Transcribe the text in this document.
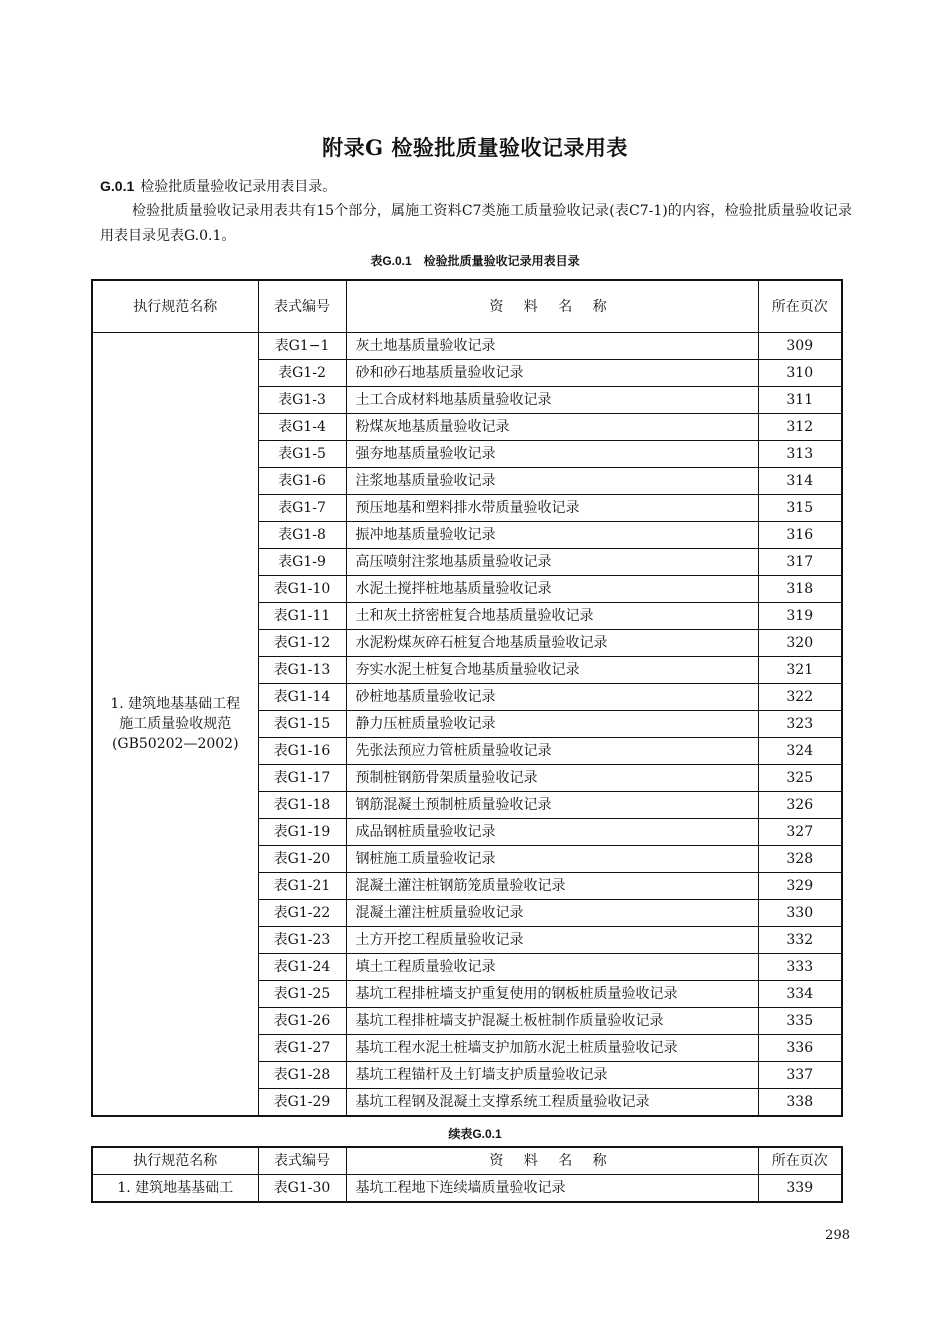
附录G 检验批质量验收记录用表
G.0.1 检验批质量验收记录用表目录。
检验批质量验收记录用表共有15个部分，属施工资料C7类施工质量验收记录(表C7-1)的内容，检验批质量验收记录用表目录见表G.0.1。
表G.0.1　检验批质量验收记录用表目录
执行规范名称	表式编号	资 料 名 称	所在页次

1. 建筑地基基础工程
施工质量验收规范
(GB50202—2002)	表G1−1	灰土地基质量验收记录	309
	表G1-2	砂和砂石地基质量验收记录	310
	表G1-3	土工合成材料地基质量验收记录	311
	表G1-4	粉煤灰地基质量验收记录	312
	表G1-5	强夯地基质量验收记录	313
	表G1-6	注浆地基质量验收记录	314
	表G1-7	预压地基和塑料排水带质量验收记录	315
	表G1-8	振冲地基质量验收记录	316
	表G1-9	高压喷射注浆地基质量验收记录	317
	表G1-10	水泥土搅拌桩地基质量验收记录	318
	表G1-11	土和灰土挤密桩复合地基质量验收记录	319
	表G1-12	水泥粉煤灰碎石桩复合地基质量验收记录	320
	表G1-13	夯实水泥土桩复合地基质量验收记录	321
	表G1-14	砂桩地基质量验收记录	322
	表G1-15	静力压桩质量验收记录	323
	表G1-16	先张法预应力管桩质量验收记录	324
	表G1-17	预制桩钢筋骨架质量验收记录	325
	表G1-18	钢筋混凝土预制桩质量验收记录	326
	表G1-19	成品钢桩质量验收记录	327
	表G1-20	钢桩施工质量验收记录	328
	表G1-21	混凝土灌注桩钢筋笼质量验收记录	329
	表G1-22	混凝土灌注桩质量验收记录	330
	表G1-23	土方开挖工程质量验收记录	332
	表G1-24	填土工程质量验收记录	333
	表G1-25	基坑工程排桩墙支护重复使用的钢板桩质量验收记录	334
	表G1-26	基坑工程排桩墙支护混凝土板桩制作质量验收记录	335
	表G1-27	基坑工程水泥土桩墙支护加筋水泥土桩质量验收记录	336
	表G1-28	基坑工程锚杆及土钉墙支护质量验收记录	337
	表G1-29	基坑工程钢及混凝土支撑系统工程质量验收记录	338
续表G.0.1
执行规范名称	表式编号	资 料 名 称	所在页次
1. 建筑地基基础工	表G1-30	基坑工程地下连续墙质量验收记录	339
298
